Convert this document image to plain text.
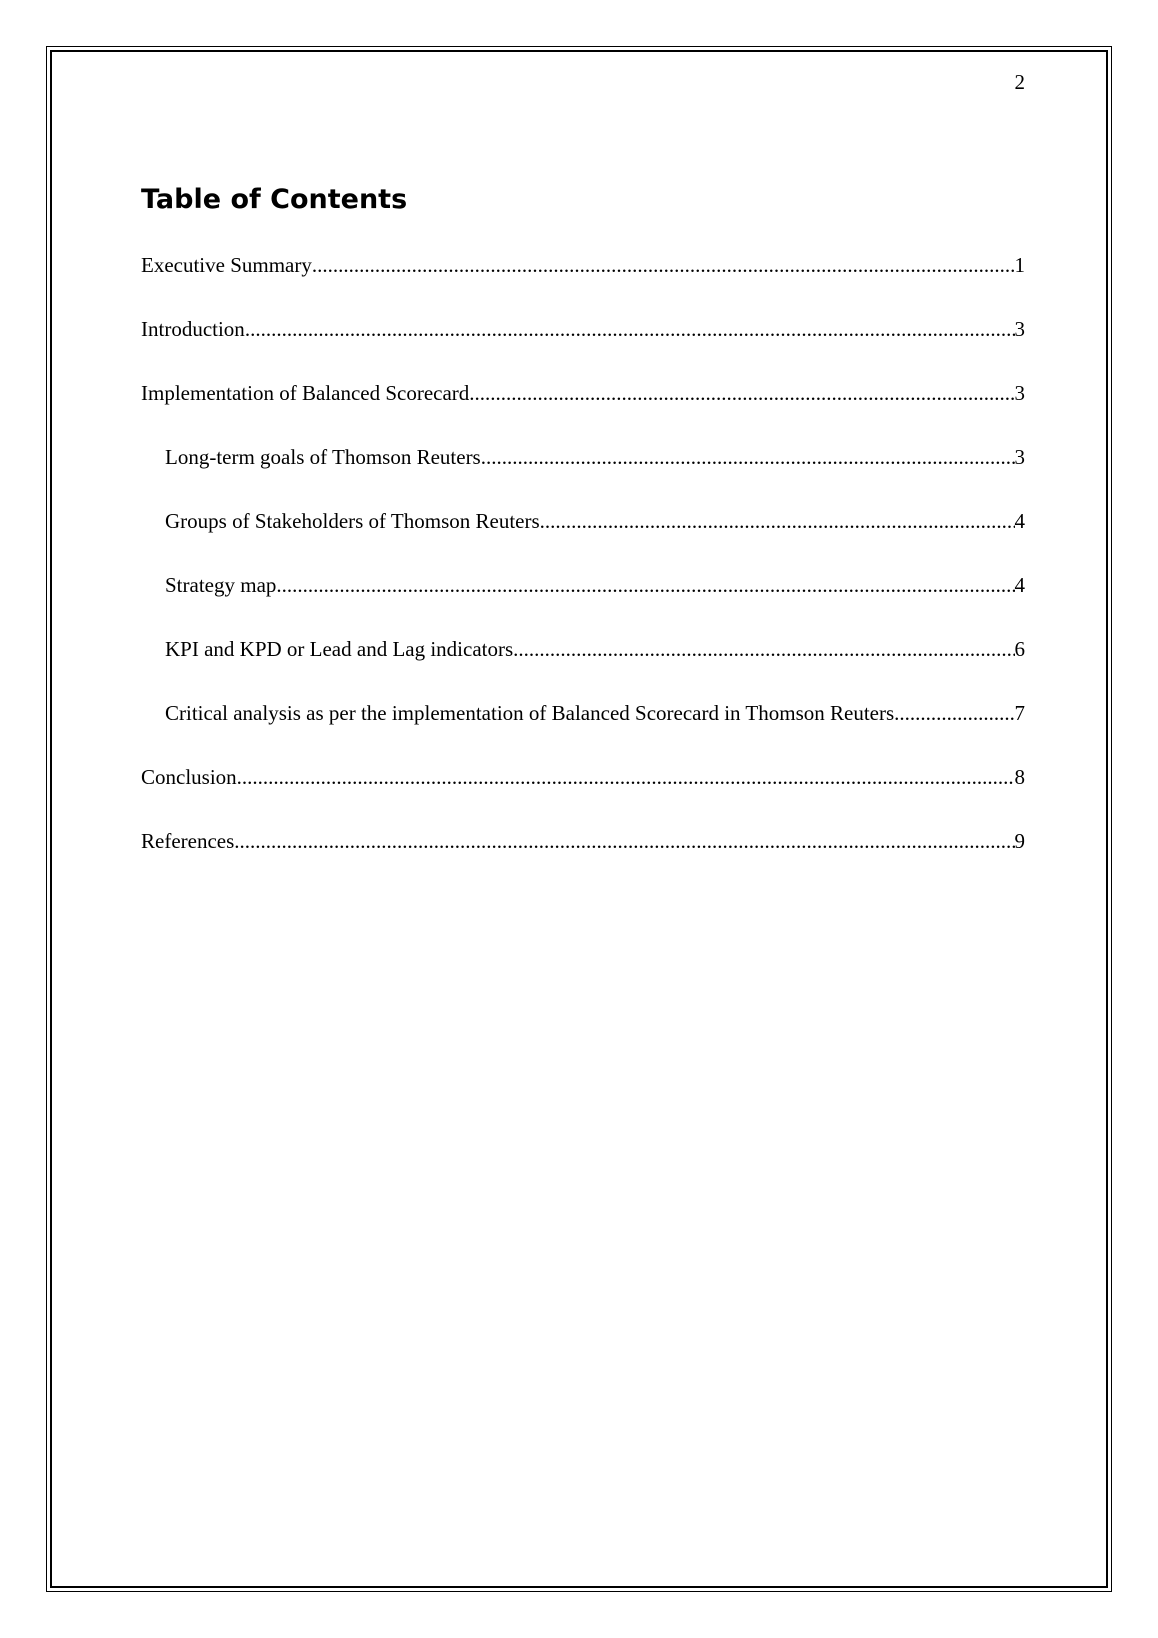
2
Table of Contents
Executive Summary .....	1
Introduction .....	3
Implementation of Balanced Scorecard .....	3
Long-term goals of Thomson Reuters .....	3
Groups of Stakeholders of Thomson Reuters .....	4
Strategy map .....	4
KPI and KPD or Lead and Lag indicators .....	6
Critical analysis as per the implementation of Balanced Scorecard in Thomson Reuters .....	7
Conclusion .....	8
References .....	9
